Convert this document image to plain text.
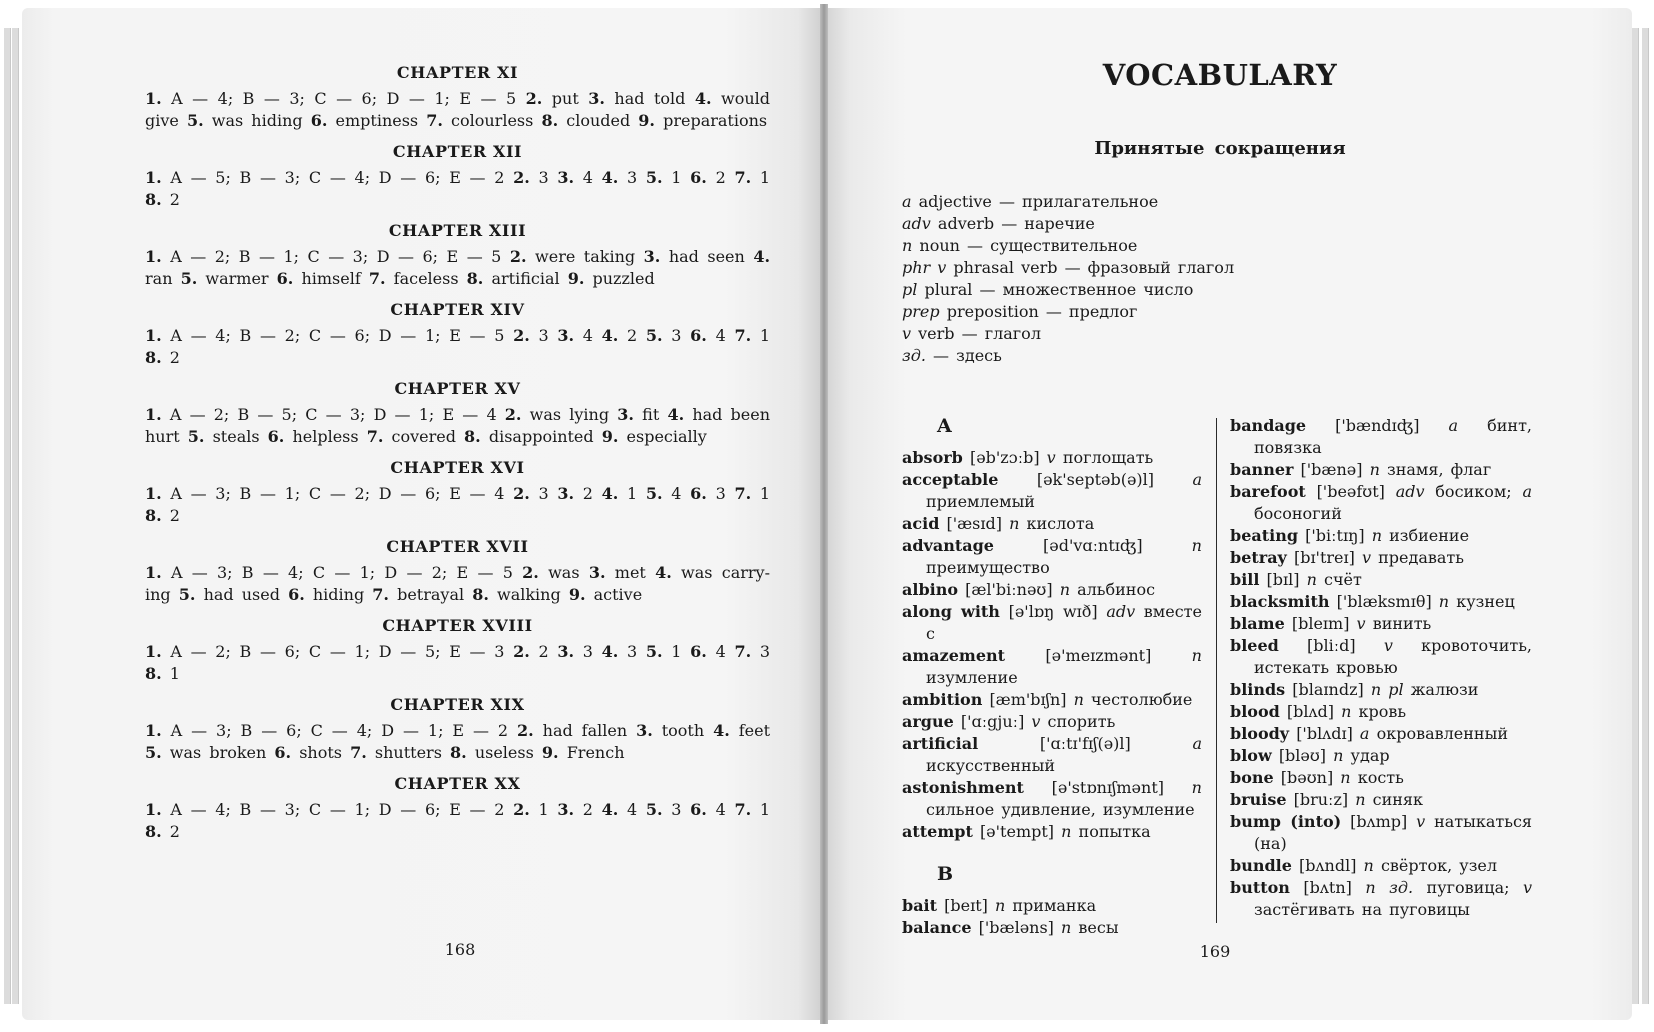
CHAPTER XI

1. A — 4; B — 3; C — 6; D — 1; E — 5 2. put 3. had told 4. would give 5. was hiding 6. emptiness 7. colourless 8. clouded 9. preparations

CHAPTER XII

1. A — 5; B — 3; C — 4; D — 6; E — 2 2. 3 3. 4 4. 3 5. 1 6. 2 7. 1 8. 2

CHAPTER XIII

1. A — 2; B — 1; C — 3; D — 6; E — 5 2. were taking 3. had seen 4. ran 5. warmer 6. himself 7. faceless 8. artificial 9. puzzled

CHAPTER XIV

1. A — 4; B — 2; C — 6; D — 1; E — 5 2. 3 3. 4 4. 2 5. 3 6. 4 7. 1 8. 2

CHAPTER XV

1. A — 2; B — 5; C — 3; D — 1; E — 4 2. was lying 3. fit 4. had been hurt 5. steals 6. helpless 7. covered 8. disappointed 9. especially

CHAPTER XVI

1. A — 3; B — 1; C — 2; D — 6; E — 4 2. 3 3. 2 4. 1 5. 4 6. 3 7. 1 8. 2

CHAPTER XVII

1. A — 3; B — 4; C — 1; D — 2; E — 5 2. was 3. met 4. was carry-ing 5. had used 6. hiding 7. betrayal 8. walking 9. active

CHAPTER XVIII

1. A — 2; B — 6; C — 1; D — 5; E — 3 2. 2 3. 3 4. 3 5. 1 6. 4 7. 3 8. 1

CHAPTER XIX

1. A — 3; B — 6; C — 4; D — 1; E — 2 2. had fallen 3. tooth 4. feet 5. was broken 6. shots 7. shutters 8. useless 9. French

CHAPTER XX

1. A — 4; B — 3; C — 1; D — 6; E — 2 2. 1 3. 2 4. 4 5. 3 6. 4 7. 1 8. 2

168
VOCABULARY
Принятые сокращения
a adjective — прилагательное
adv adverb — наречие
n noun — существительное
phr v phrasal verb — фразовый глагол
pl plural — множественное число
prep preposition — предлог
v verb — глагол
зд. — здесь
A
absorb [əb'zɔːb] v поглощать
acceptable [ək'septəb(ə)l] a приемлемый
acid ['æsɪd] n кислота
advantage	[əd'vɑːntɪʤ]	n преимущество
albino [æl'biːnəʊ] n альбинос
along with [ə'lɒŋ wɪð] adv вместе с
amazement	[ə'meɪzmənt]	n изумление
ambition [æm'bɪʃn] n честолюбие
argue ['ɑːgjuː] v спорить
artificial	['ɑːtɪ'fɪʃ(ə)l]	a искусственный
astonishment [ə'stɒnɪʃmənt] n сильное удивление, изумление
attempt [ə'tempt] n попытка
B
bait [beɪt] n приманка
balance ['bæləns] n весы
bandage ['bændɪʤ] a бинт, повязка
banner ['bænə] n знамя, флаг
barefoot ['beəfʊt] adv босиком; a босоногий
beating ['biːtɪŋ] n избиение
betray [bɪ'treɪ] v предавать
bill [bɪl] n счёт
blacksmith ['blæksmɪθ] n кузнец
blame [bleɪm] v винить
bleed [bliːd] v кровоточить, истекать кровью
blinds [blaɪndz] n pl жалюзи
blood [blʌd] n кровь
bloody ['blʌdɪ] a окровавленный
blow [bləʊ] n удар
bone [bəʊn] n кость
bruise [bruːz] n синяк
bump (into) [bʌmp] v натыкаться (на)
bundle [bʌndl] n свёрток, узел
button [bʌtn] n зд. пуговица; v застёгивать на пуговицы
169
